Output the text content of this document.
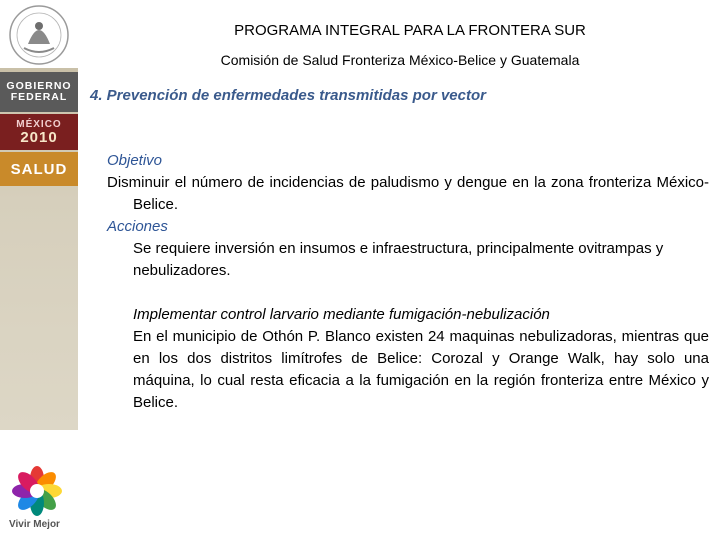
GOBIERNO
FEDERAL
MÉXICO
2010
SALUD
Vivir Mejor
PROGRAMA INTEGRAL PARA LA FRONTERA SUR
Comisión de Salud Fronteriza México-Belice y Guatemala
4. Prevención de enfermedades transmitidas por vector
Objetivo
Disminuir el número de incidencias de paludismo y dengue en la zona fronteriza México-Belice.
Acciones
Se requiere inversión en insumos e infraestructura, principalmente ovitrampas y nebulizadores.
Implementar control larvario mediante fumigación-nebulización
En el municipio de Othón P. Blanco existen 24 maquinas nebulizadoras, mientras que en los dos distritos limítrofes de Belice: Corozal y Orange Walk, hay solo una máquina, lo cual resta eficacia a la fumigación en la región fronteriza entre México y Belice.
